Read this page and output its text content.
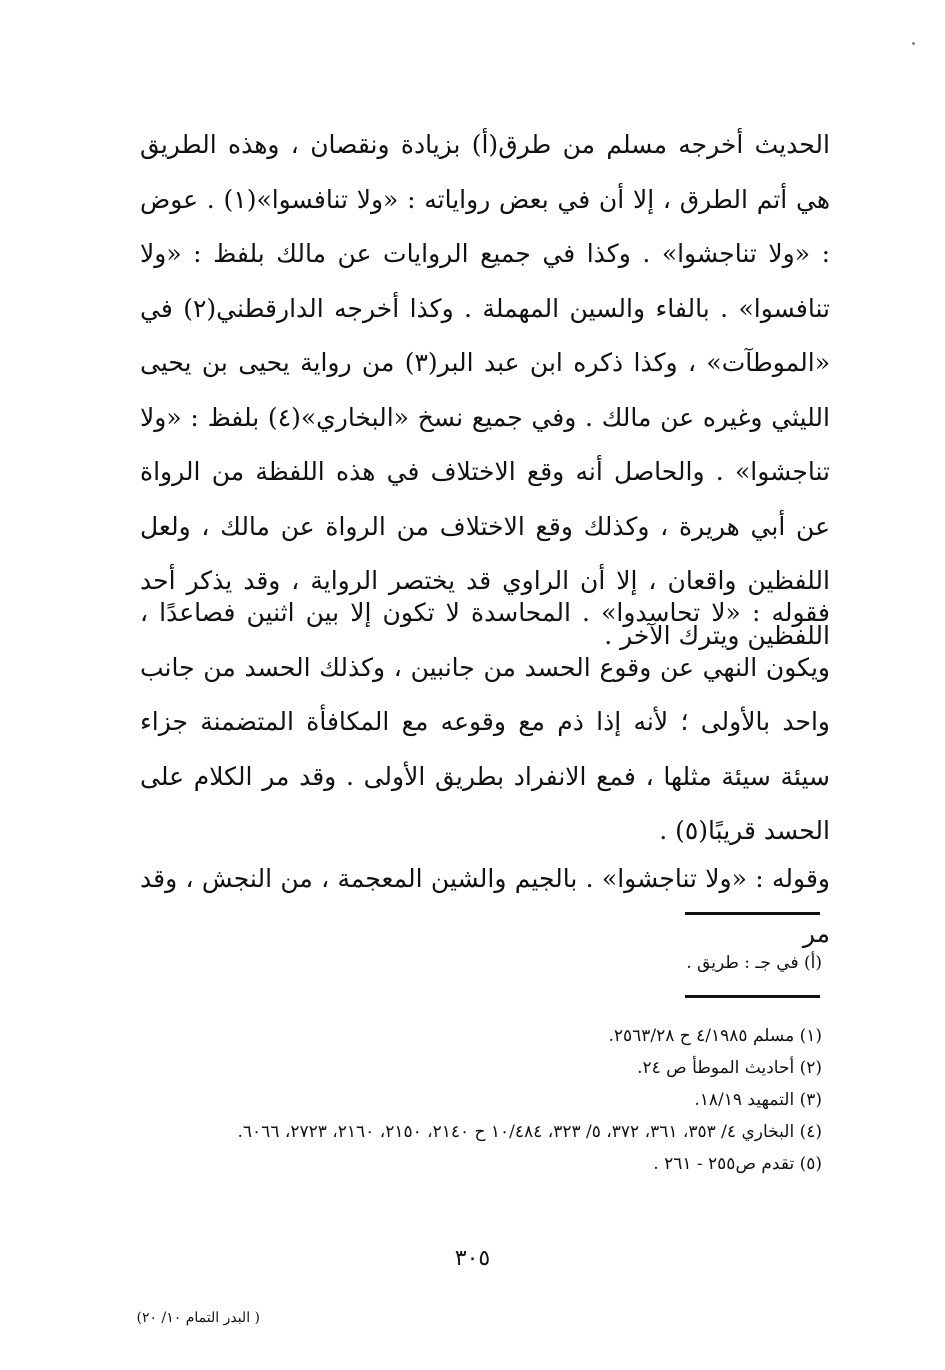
الحديث أخرجه مسلم من طرق(أ) بزيادة ونقصان ، وهذه الطريق هي أتم الطرق ، إلا أن في بعض رواياته : «ولا تنافسوا»(١) . عوض : «ولا تناجشوا» . وكذا في جميع الروايات عن مالك بلفظ : «ولا تنافسوا» . بالفاء والسين المهملة . وكذا أخرجه الدارقطني(٢) في «الموطآت» ، وكذا ذكره ابن عبد البر(٣) من رواية يحيى بن يحيى الليثي وغيره عن مالك . وفي جميع نسخ «البخاري»(٤) بلفظ : «ولا تناجشوا» . والحاصل أنه وقع الاختلاف في هذه اللفظة من الرواة عن أبي هريرة ، وكذلك وقع الاختلاف من الرواة عن مالك ، ولعل اللفظين واقعان ، إلا أن الراوي قد يختصر الرواية ، وقد يذكر أحد اللفظين ويترك الآخر .

فقوله : «لا تحاسدوا» . المحاسدة لا تكون إلا بين اثنين فصاعدًا ، ويكون النهي عن وقوع الحسد من جانبين ، وكذلك الحسد من جانب واحد بالأولى ؛ لأنه إذا ذم مع وقوعه مع المكافأة المتضمنة جزاء سيئة سيئة مثلها ، فمع الانفراد بطريق الأولى . وقد مر الكلام على الحسد قريبًا(٥) .

وقوله : «ولا تناجشوا» . بالجيم والشين المعجمة ، من النجش ، وقد مر

(أ) في جـ : طريق .

(١) مسلم ٤/١٩٨٥ ح ٢٥٦٣/٢٨.

(٢) أحاديث الموطأ ص ٢٤.

(٣) التمهيد ١٨/١٩.

(٤) البخاري ٤/ ٣٥٣، ٣٦١، ٣٧٢، ٥/ ٣٢٣، ١٠/٤٨٤ ح ٢١٤٠، ٢١٥٠، ٢١٦٠، ٢٧٢٣، ٦٠٦٦.

(٥) تقدم ص٢٥٥ - ٢٦١ .

٣٠٥
( البدر التمام ١٠/ ٢٠)
